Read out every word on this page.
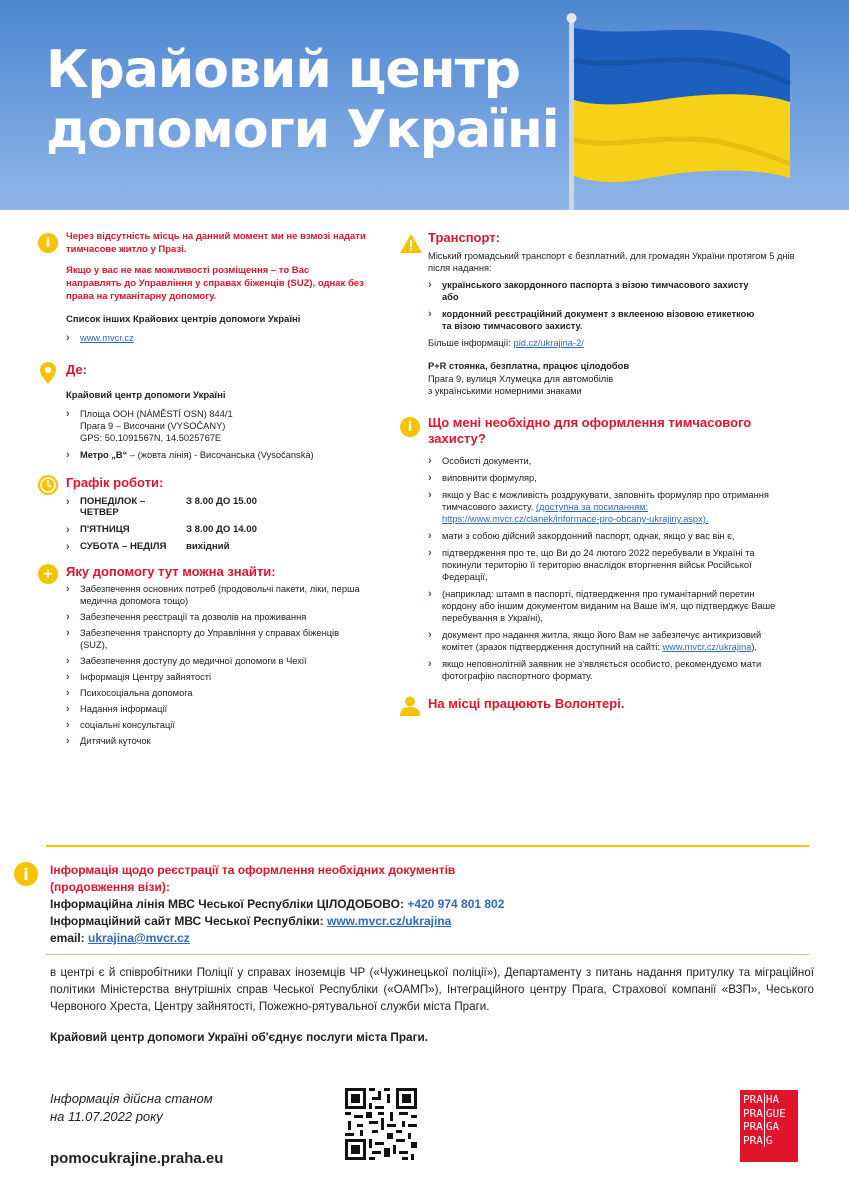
Крайовий центр
допомоги Україні
i	Через відсутність місць на данний момент ми не взмозі надати тимчасове житло у Празі.
Якщо у вас не має можливості розміщення – то Вас направлять до Управління у справах біженців (SUZ), однак без права на гуманітарну допомогу.
Список інших Крайових центрів допомоги Україні
›	www.mvcr.cz
Де:
Крайовий центр допомоги Україні
›	Площа ООН (NÁMĚSTÍ OSN) 844/1
Прага 9 – Височани (VYSOČANY)
GPS: 50.1091567N, 14.5025767E
›	Метро „B“ – (жовта лінія) - Височанська (Vysočanská)
Графік роботи:
›	ПОНЕДІЛОК – ЧЕТВЕР
З 8.00 ДО 15.00
›	П'ЯТНИЦЯ	З 8.00 ДО 14.00
›	СУБОТА – НЕДІЛЯ	вихідний
+ Яку допомогу тут можна знайти:
›	Забезпечення основних потреб (продовольчі пакети, ліки, перша медична допомога тощо)
›	Забезпечення реєстрації та дозволів на проживання
›	Забезпечення транспорту до Управління у справах біженців (SUZ),
›	Забезпечення доступу до медичної допомоги в Чехії
›	Інформація Центру зайнятості
›	Психосоціальна допомога
›	Надання інформації
›	соціальні консультації
›	Дитячий куточок
Транспорт:
Міський громадський транспорт є безплатний, для громадян України протягом 5 днів після надання:
›	українського закордонного паспорта з візою тимчасового захисту або
›	кордонний реєстраційний документ з вклееною візовою етикеткою та візою тимчасового захисту.
Більше інформації: pid.cz/ukrajina-2/
P+R стоянка, безплатна, працює цілодобов
Прага 9, вулиця Хлумецка для автомобілів
з українськими номерними знаками
i	Що мені необхідно для оформлення тимчасового захисту?
›	Особисті документи,
›	виповнити формуляр,
›	якщо у Вас є можливість роздрукувати, заповніть формуляр про отримання тимчасового захисту. (доступна за посиланням: https://www.mvcr.cz/clanek/informace-pro-obcany-ukrajiny.aspx).
›	мати з собою дійсний закордонний паспорт, однак, якщо у вас він є,
›	підтвердження про те, що Ви до 24 лютого 2022 перебували в Україні та покинули територію її територію внаслідок вторгнення військ Російської Федерації,
›	(наприклад: штамп в паспорті, підтвердження про гуманітарний перетин кордону або іншим документом виданим на Ваше ім'я, що підтверджує Ваше перебування в Україні),
›	документ про надання житла, якщо його Вам не забезпечує антикризовий комітет (зразок підтвердження доступний на сайті: www.mvcr.cz/ukrajina),
›	якщо неповнолітній заявник не з'являється особисто, рекомендуємо мати фотографію паспортного формату.
На місці працюють Волонтері.
i	Інформація щодо реєстрації та оформлення необхідних документів
(продовження візи):
Інформаційна лінія МВС Чеської Республіки ЦІЛОДОБОВО: +420 974 801 802
Інформаційний сайт МВС Чеської Республіки: www.mvcr.cz/ukrajina
email: ukrajina@mvcr.cz
в центрі є й співробітники Поліції у справах іноземців ЧР («Чужинецької поліції»), Департаменту з питань надання притулку та міграційної політики Міністерства внутрішніх справ Чеської Республіки («ОАМП»), Інтеграційного центру Прага, Страхової компанії «ВЗП», Чеського Червоного Хреста, Центру зайнятості, Пожежно-рятувальної служби міста Праги.
Крайовий центр допомоги Україні об'єднує послуги міста Праги.
Інформація дійсна станом
на 11.07.2022 року
pomocukrajine.praha.eu
PRA HA
PRA GUE
PRA GA
PRA G
